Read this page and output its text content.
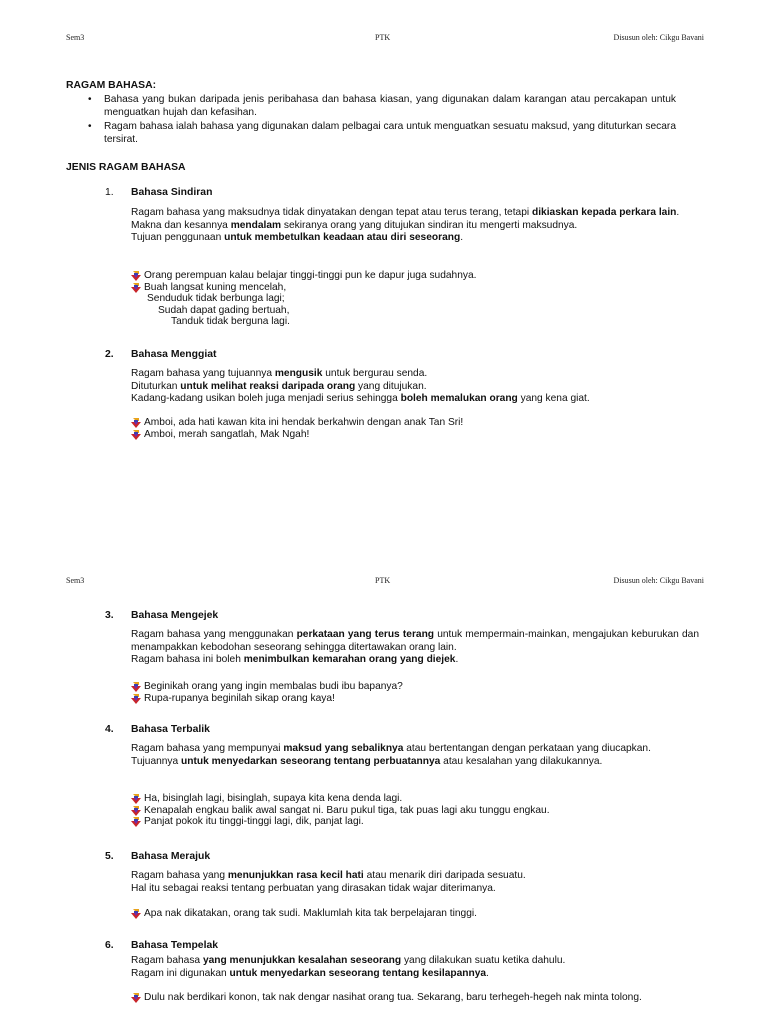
Sem3	PTK	Disusun oleh: Cikgu Bavani
RAGAM BAHASA:
• Bahasa yang bukan daripada jenis peribahasa dan bahasa kiasan, yang digunakan dalam karangan atau percakapan untuk menguatkan hujah dan kefasihan.
• Ragam bahasa ialah bahasa yang digunakan dalam pelbagai cara untuk menguatkan sesuatu maksud, yang dituturkan secara tersirat.
JENIS RAGAM BAHASA
1. Bahasa Sindiran
Ragam bahasa yang maksudnya tidak dinyatakan dengan tepat atau terus terang, tetapi dikiaskan kepada perkara lain.
Makna dan kesannya mendalam sekiranya orang yang ditujukan sindiran itu mengerti maksudnya.
Tujuan penggunaan untuk membetulkan keadaan atau diri seseorang.
Orang perempuan kalau belajar tinggi-tinggi pun ke dapur juga sudahnya.
Buah langsat kuning mencelah,
Senduduk tidak berbunga lagi;
Sudah dapat gading bertuah,
Tanduk tidak berguna lagi.
2. Bahasa Menggiat
Ragam bahasa yang tujuannya mengusik untuk bergurau senda.
Dituturkan untuk melihat reaksi daripada orang yang ditujukan.
Kadang-kadang usikan boleh juga menjadi serius sehingga boleh memalukan orang yang kena giat.
Amboi, ada hati kawan kita ini hendak berkahwin dengan anak Tan Sri!
Amboi, merah sangatlah, Mak Ngah!
Sem3	PTK	Disusun oleh: Cikgu Bavani
3. Bahasa Mengejek
Ragam bahasa yang menggunakan perkataan yang terus terang untuk mempermain-mainkan, mengajukan keburukan dan menampakkan kebodohan seseorang sehingga ditertawakan orang lain.
Ragam bahasa ini boleh menimbulkan kemarahan orang yang diejek.
Beginikah orang yang ingin membalas budi ibu bapanya?
Rupa-rupanya beginilah sikap orang kaya!
4. Bahasa Terbalik
Ragam bahasa yang mempunyai maksud yang sebaliknya atau bertentangan dengan perkataan yang diucapkan.
Tujuannya untuk menyedarkan seseorang tentang perbuatannya atau kesalahan yang dilakukannya.
Ha, bisinglah lagi, bisinglah, supaya kita kena denda lagi.
Kenapalah engkau balik awal sangat ni. Baru pukul tiga, tak puas lagi aku tunggu engkau.
Panjat pokok itu tinggi-tinggi lagi, dik, panjat lagi.
5. Bahasa Merajuk
Ragam bahasa yang menunjukkan rasa kecil hati atau menarik diri daripada sesuatu.
Hal itu sebagai reaksi tentang perbuatan yang dirasakan tidak wajar diterimanya.
Apa nak dikatakan, orang tak sudi. Maklumlah kita tak berpelajaran tinggi.
6. Bahasa Tempelak
Ragam bahasa yang menunjukkan kesalahan seseorang yang dilakukan suatu ketika dahulu.
Ragam ini digunakan untuk menyedarkan seseorang tentang kesilapannya.
Dulu nak berdikari konon, tak nak dengar nasihat orang tua. Sekarang, baru terhegeh-hegeh nak minta tolong.
